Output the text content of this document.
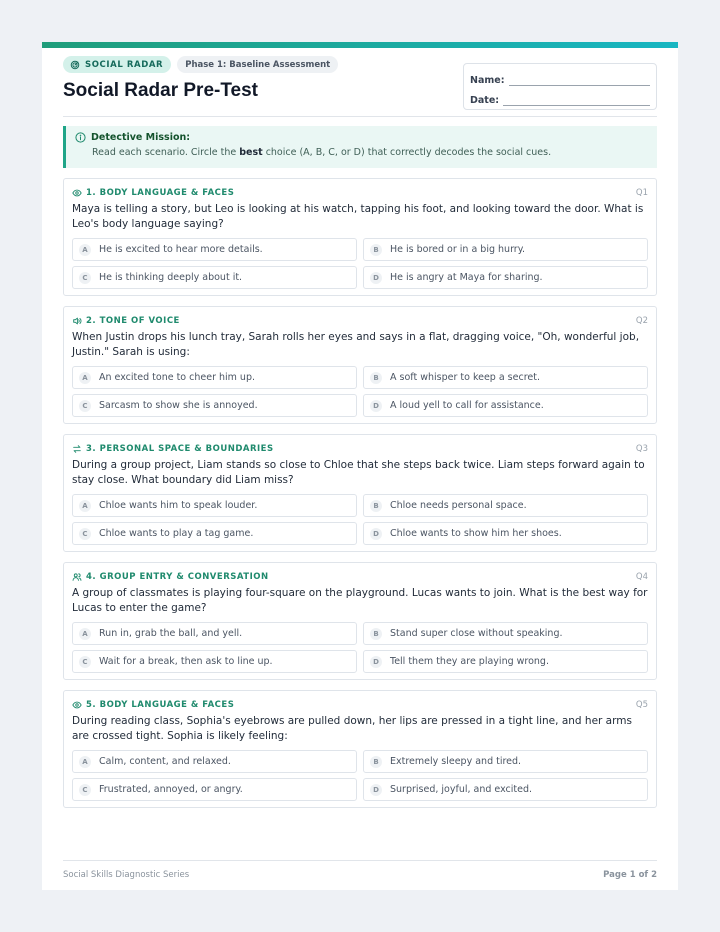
SOCIAL RADAR	Phase 1: Baseline Assessment
Social Radar Pre-Test	Name:
Date:
Detective Mission:
Read each scenario. Circle the best choice (A, B, C, or D) that correctly decodes the social cues.
1. BODY LANGUAGE & FACES	Q1
Maya is telling a story, but Leo is looking at his watch, tapping his foot, and looking toward the door. What is Leo's body language saying?
A	He is excited to hear more details.	B	He is bored or in a big hurry.
C	He is thinking deeply about it.	D	He is angry at Maya for sharing.
2. TONE OF VOICE	Q2
When Justin drops his lunch tray, Sarah rolls her eyes and says in a flat, dragging voice, "Oh, wonderful job, Justin." Sarah is using:
A	An excited tone to cheer him up.	B	A soft whisper to keep a secret.
C	Sarcasm to show she is annoyed.	D	A loud yell to call for assistance.
3. PERSONAL SPACE & BOUNDARIES	Q3
During a group project, Liam stands so close to Chloe that she steps back twice. Liam steps forward again to stay close. What boundary did Liam miss?
A	Chloe wants him to speak louder.	B	Chloe needs personal space.
C	Chloe wants to play a tag game.	D	Chloe wants to show him her shoes.
4. GROUP ENTRY & CONVERSATION	Q4
A group of classmates is playing four-square on the playground. Lucas wants to join. What is the best way for Lucas to enter the game?
A	Run in, grab the ball, and yell.	B	Stand super close without speaking.
C	Wait for a break, then ask to line up.	D	Tell them they are playing wrong.
5. BODY LANGUAGE & FACES	Q5
During reading class, Sophia's eyebrows are pulled down, her lips are pressed in a tight line, and her arms are crossed tight. Sophia is likely feeling:
A	Calm, content, and relaxed.	B	Extremely sleepy and tired.
C	Frustrated, annoyed, or angry.	D	Surprised, joyful, and excited.
Social Skills Diagnostic Series	Page 1 of 2
